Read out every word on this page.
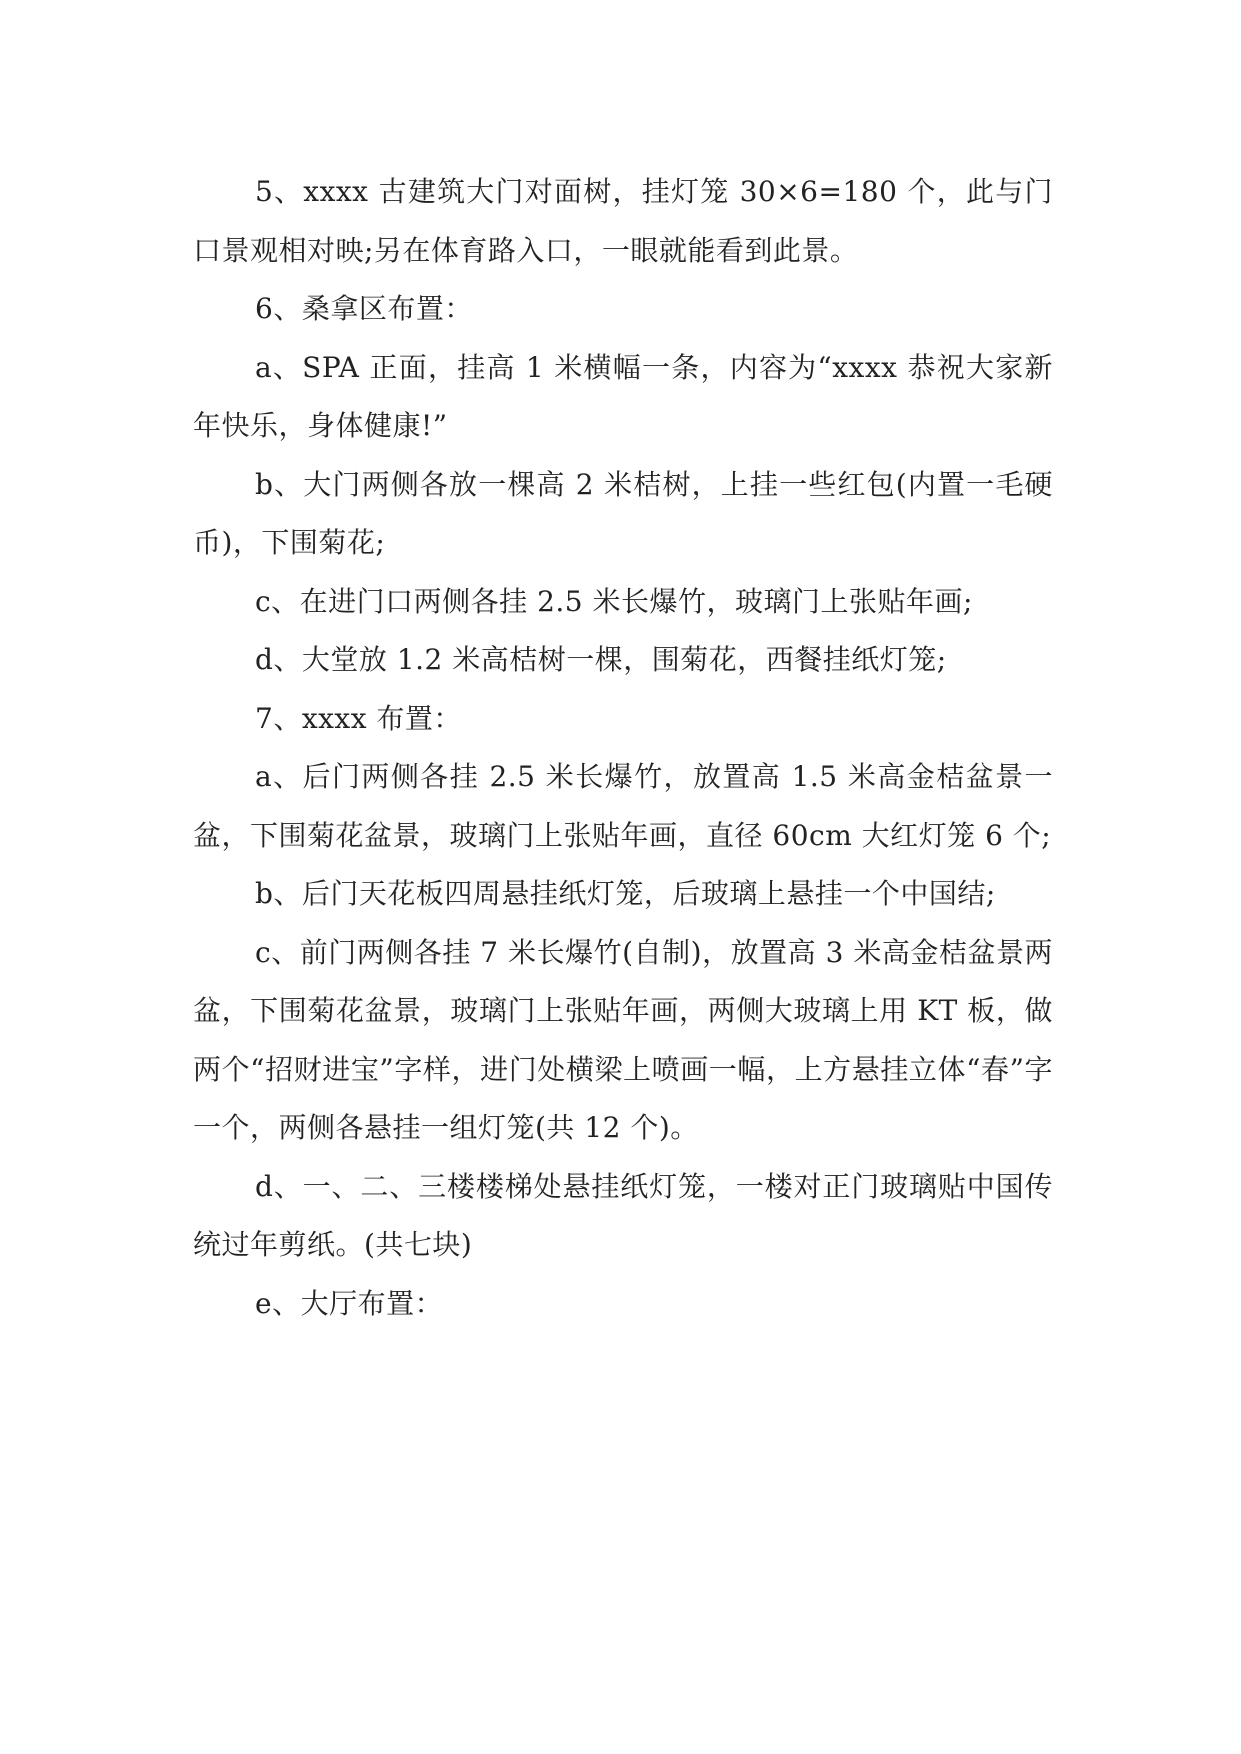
5、xxxx 古建筑大门对面树，挂灯笼 30×6=180 个，此与门口景观相对映;另在体育路入口，一眼就能看到此景。

6、桑拿区布置：

a、SPA 正面，挂高 1 米横幅一条，内容为“xxxx 恭祝大家新年快乐，身体健康!”

b、大门两侧各放一棵高 2 米桔树，上挂一些红包(内置一毛硬币)，下围菊花;

c、在进门口两侧各挂 2.5 米长爆竹，玻璃门上张贴年画;

d、大堂放 1.2 米高桔树一棵，围菊花，西餐挂纸灯笼;

7、xxxx 布置：

a、后门两侧各挂 2.5 米长爆竹，放置高 1.5 米高金桔盆景一盆，下围菊花盆景，玻璃门上张贴年画，直径 60cm 大红灯笼 6 个;

b、后门天花板四周悬挂纸灯笼，后玻璃上悬挂一个中国结;

c、前门两侧各挂 7 米长爆竹(自制)，放置高 3 米高金桔盆景两盆，下围菊花盆景，玻璃门上张贴年画，两侧大玻璃上用 KT 板，做两个“招财进宝”字样，进门处横梁上喷画一幅，上方悬挂立体“春”字一个，两侧各悬挂一组灯笼(共 12 个)。

d、一、二、三楼楼梯处悬挂纸灯笼，一楼对正门玻璃贴中国传统过年剪纸。(共七块)

e、大厅布置：
